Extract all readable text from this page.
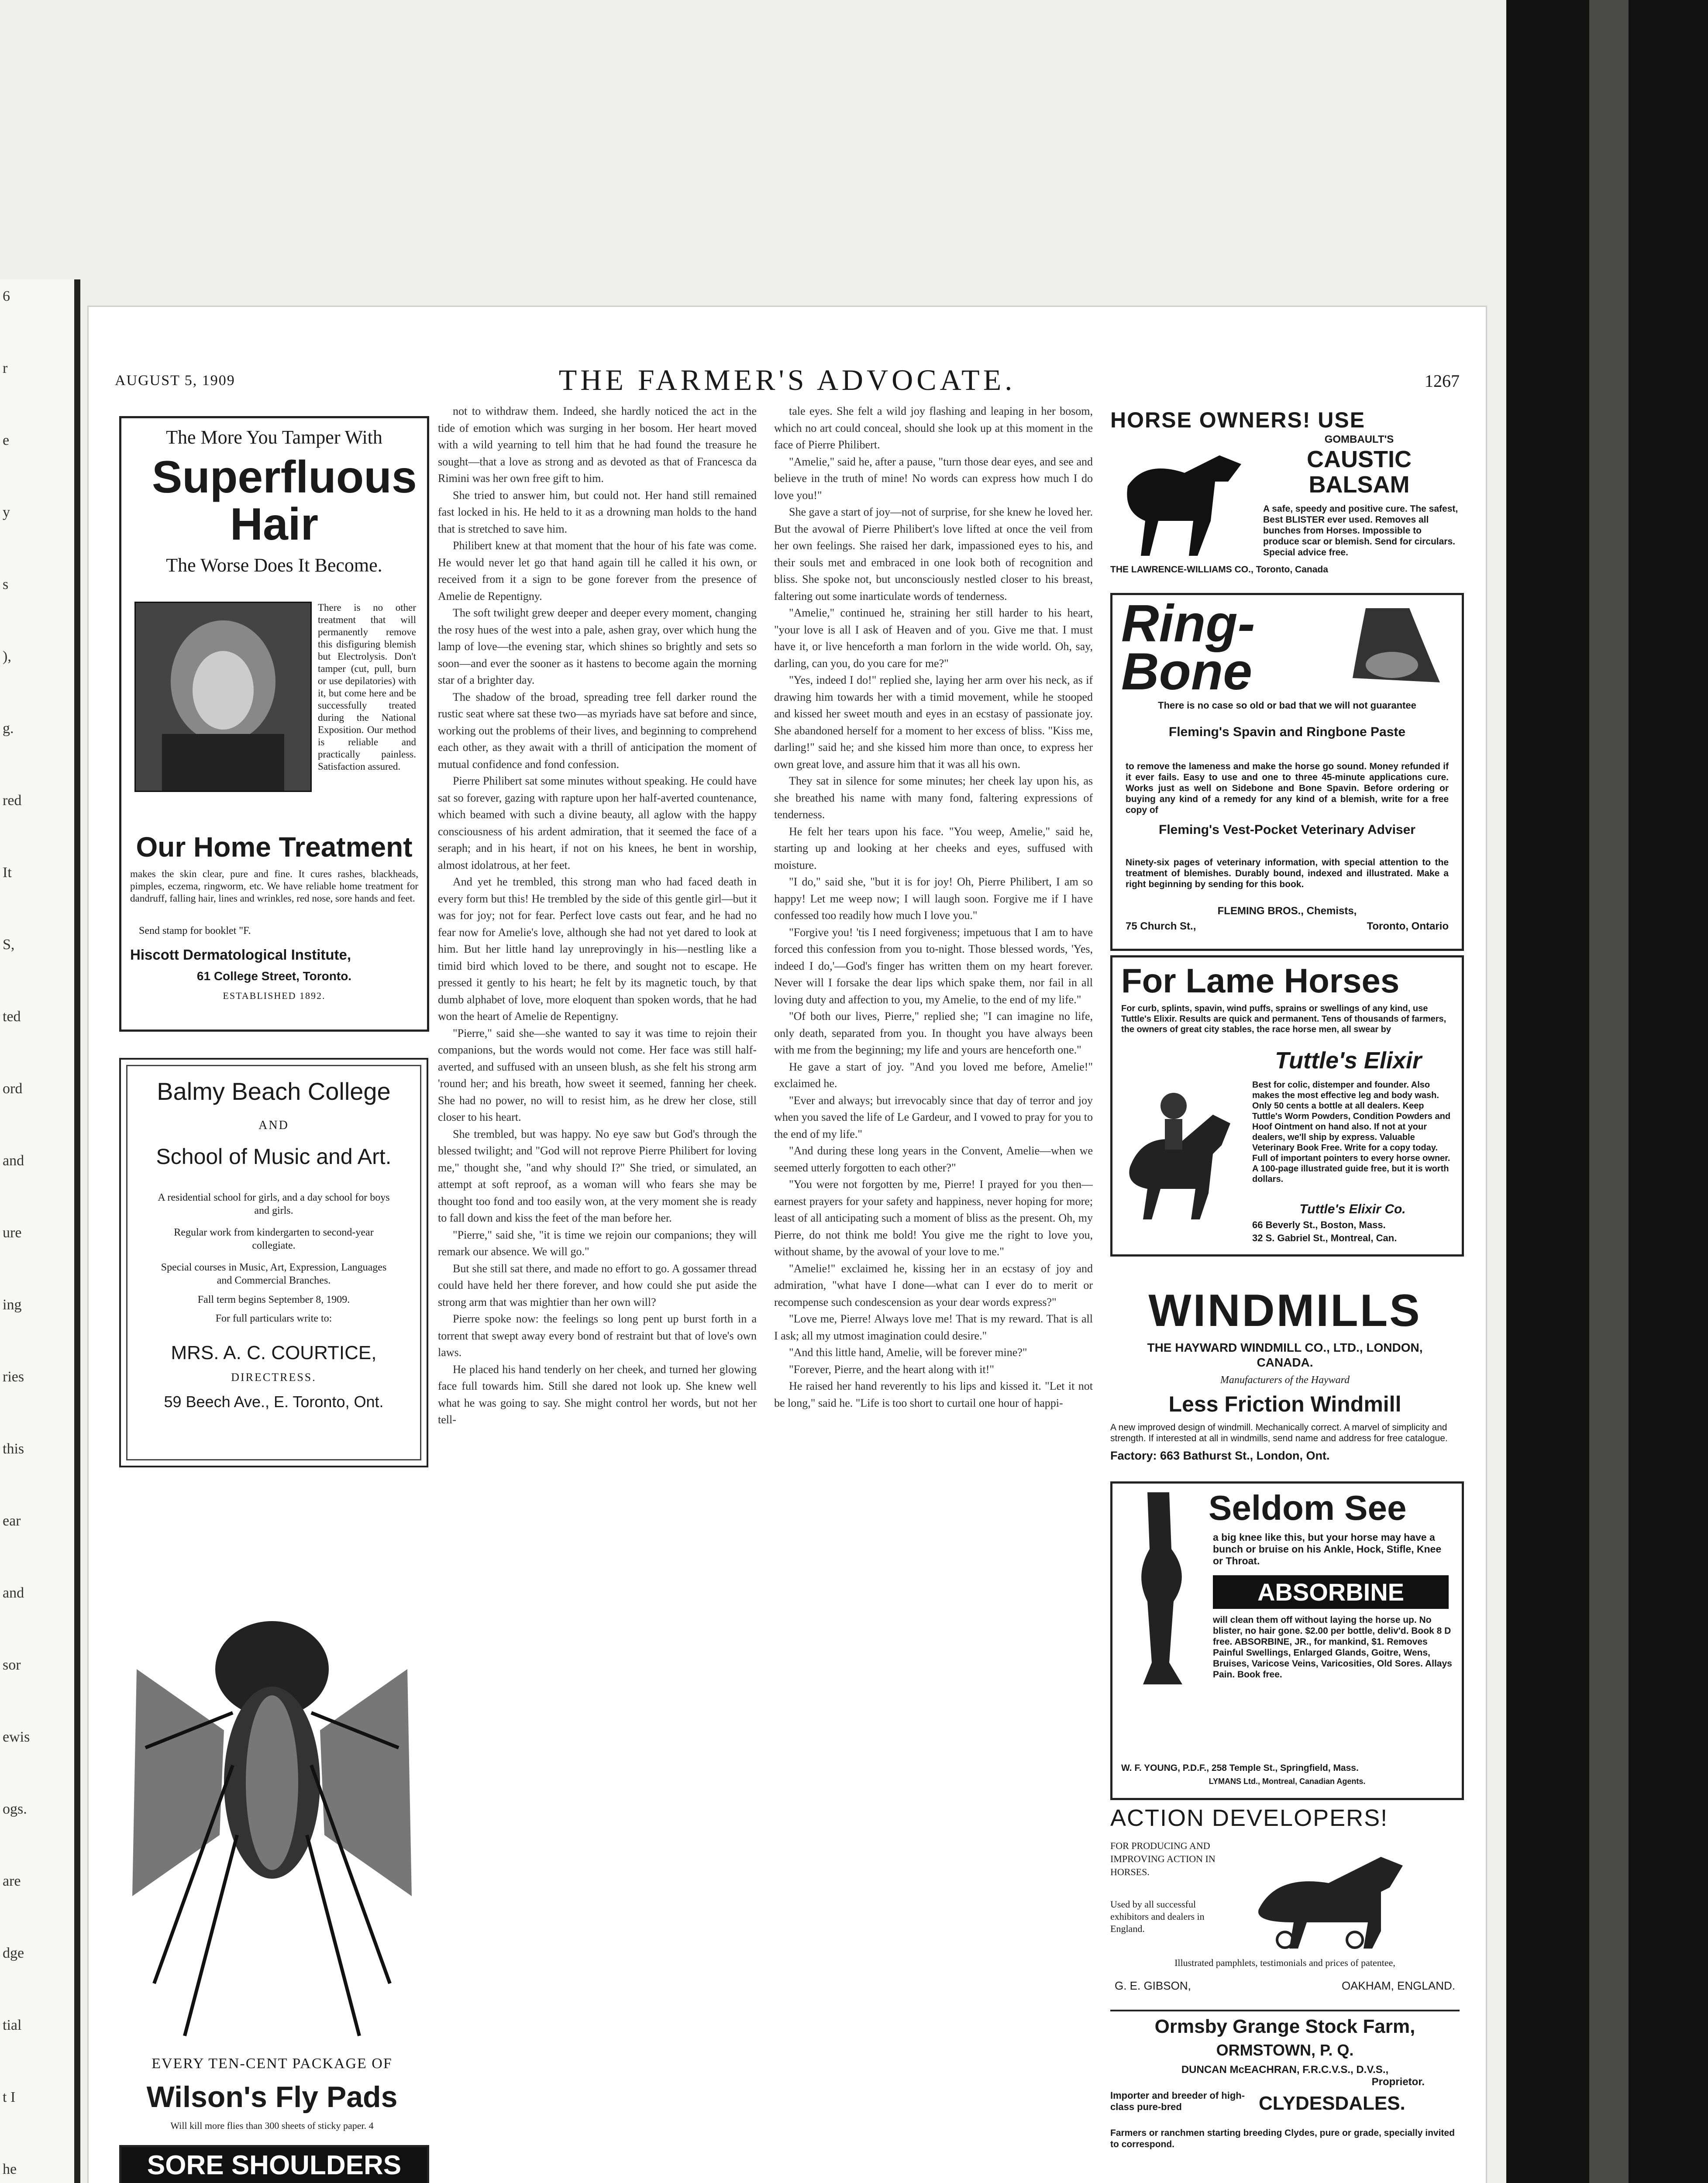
6
r
e
y
s
),
g.
red
It
S,
ted
ord
and
ure
ing
ries
this
ear
and
sor
ewis
ogs.
are
dge
tial
t I
he
AUGUST 5, 1909	THE FARMER'S ADVOCATE.	1267
The More You Tamper With
Superfluous Hair
The Worse Does It Become.
There is no other treatment that will permanently remove this disfiguring blemish but Electrolysis. Don't tamper (cut, pull, burn or use depilatories) with it, but come here and be successfully treated during the National Exposition. Our method is reliable and practically painless. Satisfaction assured.
Our Home Treatment
makes the skin clear, pure and fine. It cures rashes, blackheads, pimples, eczema, ringworm, etc. We have reliable home treatment for dandruff, falling hair, lines and wrinkles, red nose, sore hands and feet.
Send stamp for booklet "F.
Hiscott Dermatological Institute,
61 College Street, Toronto.
ESTABLISHED 1892.
Balmy Beach College
AND
School of Music and Art.
A residential school for girls, and a day school for boys and girls.
Regular work from kindergarten to second-year collegiate.
Special courses in Music, Art, Expression, Languages and Commercial Branches.
Fall term begins September 8, 1909.
For full particulars write to:
MRS. A. C. COURTICE,
DIRECTRESS.
59 Beech Ave., E. Toronto, Ont.
EVERY TEN-CENT PACKAGE OF
Wilson's Fly Pads
Will kill more flies than 300 sheets of sticky paper. 4
SORE SHOULDERS

not to withdraw them. Indeed, she hardly noticed the act in the tide of emotion which was surging in her bosom. Her heart moved with a wild yearning to tell him that he had found the treasure he sought—that a love as strong and as devoted as that of Francesca da Rimini was her own free gift to him.

She tried to answer him, but could not. Her hand still remained fast locked in his. He held to it as a drowning man holds to the hand that is stretched to save him.

Philibert knew at that moment that the hour of his fate was come. He would never let go that hand again till he called it his own, or received from it a sign to be gone forever from the presence of Amelie de Repentigny.

The soft twilight grew deeper and deeper every moment, changing the rosy hues of the west into a pale, ashen gray, over which hung the lamp of love—the evening star, which shines so brightly and sets so soon—and ever the sooner as it hastens to become again the morning star of a brighter day.

The shadow of the broad, spreading tree fell darker round the rustic seat where sat these two—as myriads have sat before and since, working out the problems of their lives, and beginning to comprehend each other, as they await with a thrill of anticipation the moment of mutual confidence and fond confession.

Pierre Philibert sat some minutes without speaking. He could have sat so forever, gazing with rapture upon her half-averted countenance, which beamed with such a divine beauty, all aglow with the happy consciousness of his ardent admiration, that it seemed the face of a seraph; and in his heart, if not on his knees, he bent in worship, almost idolatrous, at her feet.

And yet he trembled, this strong man who had faced death in every form but this! He trembled by the side of this gentle girl—but it was for joy; not for fear. Perfect love casts out fear, and he had no fear now for Amelie's love, although she had not yet dared to look at him. But her little hand lay unreprovingly in his—nestling like a timid bird which loved to be there, and sought not to escape. He pressed it gently to his heart; he felt by its magnetic touch, by that dumb alphabet of love, more eloquent than spoken words, that he had won the heart of Amelie de Repentigny.

"Pierre," said she—she wanted to say it was time to rejoin their companions, but the words would not come. Her face was still half-averted, and suffused with an unseen blush, as she felt his strong arm 'round her; and his breath, how sweet it seemed, fanning her cheek. She had no power, no will to resist him, as he drew her close, still closer to his heart.

She trembled, but was happy. No eye saw but God's through the blessed twilight; and "God will not reprove Pierre Philibert for loving me," thought she, "and why should I?" She tried, or simulated, an attempt at soft reproof, as a woman will who fears she may be thought too fond and too easily won, at the very moment she is ready to fall down and kiss the feet of the man before her.

"Pierre," said she, "it is time we rejoin our companions; they will remark our absence. We will go."

But she still sat there, and made no effort to go. A gossamer thread could have held her there forever, and how could she put aside the strong arm that was mightier than her own will?

Pierre spoke now: the feelings so long pent up burst forth in a torrent that swept away every bond of restraint but that of love's own laws.

He placed his hand tenderly on her cheek, and turned her glowing face full towards him. Still she dared not look up. She knew well what he was going to say. She might control her words, but not her tell-

tale eyes. She felt a wild joy flashing and leaping in her bosom, which no art could conceal, should she look up at this moment in the face of Pierre Philibert.

"Amelie," said he, after a pause, "turn those dear eyes, and see and believe in the truth of mine! No words can express how much I do love you!"

She gave a start of joy—not of surprise, for she knew he loved her. But the avowal of Pierre Philibert's love lifted at once the veil from her own feelings. She raised her dark, impassioned eyes to his, and their souls met and embraced in one look both of recognition and bliss. She spoke not, but unconsciously nestled closer to his breast, faltering out some inarticulate words of tenderness.

"Amelie," continued he, straining her still harder to his heart, "your love is all I ask of Heaven and of you. Give me that. I must have it, or live henceforth a man forlorn in the wide world. Oh, say, darling, can you, do you care for me?"

"Yes, indeed I do!" replied she, laying her arm over his neck, as if drawing him towards her with a timid movement, while he stooped and kissed her sweet mouth and eyes in an ecstasy of passionate joy. She abandoned herself for a moment to her excess of bliss. "Kiss me, darling!" said he; and she kissed him more than once, to express her own great love, and assure him that it was all his own.

They sat in silence for some minutes; her cheek lay upon his, as she breathed his name with many fond, faltering expressions of tenderness.

He felt her tears upon his face. "You weep, Amelie," said he, starting up and looking at her cheeks and eyes, suffused with moisture.

"I do," said she, "but it is for joy! Oh, Pierre Philibert, I am so happy! Let me weep now; I will laugh soon. Forgive me if I have confessed too readily how much I love you."

"Forgive you! 'tis I need forgiveness; impetuous that I am to have forced this confession from you to-night. Those blessed words, 'Yes, indeed I do,'—God's finger has written them on my heart forever. Never will I forsake the dear lips which spake them, nor fail in all loving duty and affection to you, my Amelie, to the end of my life."

"Of both our lives, Pierre," replied she; "I can imagine no life, only death, separated from you. In thought you have always been with me from the beginning; my life and yours are henceforth one."

He gave a start of joy. "And you loved me before, Amelie!" exclaimed he.

"Ever and always; but irrevocably since that day of terror and joy when you saved the life of Le Gardeur, and I vowed to pray for you to the end of my life."

"And during these long years in the Convent, Amelie—when we seemed utterly forgotten to each other?"

"You were not forgotten by me, Pierre! I prayed for you then—earnest prayers for your safety and happiness, never hoping for more; least of all anticipating such a moment of bliss as the present. Oh, my Pierre, do not think me bold! You give me the right to love you, without shame, by the avowal of your love to me."

"Amelie!" exclaimed he, kissing her in an ecstasy of joy and admiration, "what have I done—what can I ever do to merit or recompense such condescension as your dear words express?"

"Love me, Pierre! Always love me! That is my reward. That is all I ask; all my utmost imagination could desire."

"And this little hand, Amelie, will be forever mine?"

"Forever, Pierre, and the heart along with it!"

He raised her hand reverently to his lips and kissed it. "Let it not be long," said he. "Life is too short to curtail one hour of happi-

HORSE OWNERS! USE
GOMBAULT'S
CAUSTIC BALSAM
A safe, speedy and positive cure. The safest, Best BLISTER ever used. Removes all bunches from Horses. Impossible to produce scar or blemish. Send for circulars. Special advice free.
THE LAWRENCE-WILLIAMS CO., Toronto, Canada
Ring-Bone
There is no case so old or bad that we will not guarantee
Fleming's Spavin and Ringbone Paste
to remove the lameness and make the horse go sound. Money refunded if it ever fails. Easy to use and one to three 45-minute applications cure. Works just as well on Sidebone and Bone Spavin. Before ordering or buying any kind of a remedy for any kind of a blemish, write for a free copy of
Fleming's Vest-Pocket Veterinary Adviser
Ninety-six pages of veterinary information, with special attention to the treatment of blemishes. Durably bound, indexed and illustrated. Make a right beginning by sending for this book.
FLEMING BROS., Chemists,
75 Church St.,	Toronto, Ontario
For Lame Horses
For curb, splints, spavin, wind puffs, sprains or swellings of any kind, use Tuttle's Elixir. Results are quick and permanent. Tens of thousands of farmers, the owners of great city stables, the race horse men, all swear by
Tuttle's Elixir
Best for colic, distemper and founder. Also makes the most effective leg and body wash. Only 50 cents a bottle at all dealers. Keep Tuttle's Worm Powders, Condition Powders and Hoof Ointment on hand also. If not at your dealers, we'll ship by express. Valuable Veterinary Book Free. Write for a copy today. Full of important pointers to every horse owner. A 100-page illustrated guide free, but it is worth dollars.
Tuttle's Elixir Co.
66 Beverly St., Boston, Mass.
32 S. Gabriel St., Montreal, Can.
WINDMILLS
THE HAYWARD WINDMILL CO., LTD., LONDON, CANADA.
Manufacturers of the Hayward
Less Friction Windmill
A new improved design of windmill. Mechanically correct. A marvel of simplicity and strength. If interested at all in windmills, send name and address for free catalogue.
Factory: 663 Bathurst St., London, Ont.
Seldom See
a big knee like this, but your horse may have a bunch or bruise on his Ankle, Hock, Stifle, Knee or Throat.
ABSORBINE
will clean them off without laying the horse up. No blister, no hair gone. $2.00 per bottle, deliv'd. Book 8 D free. ABSORBINE, JR., for mankind, $1. Removes Painful Swellings, Enlarged Glands, Goitre, Wens, Bruises, Varicose Veins, Varicosities, Old Sores. Allays Pain. Book free.
W. F. YOUNG, P.D.F., 258 Temple St., Springfield, Mass.
LYMANS Ltd., Montreal, Canadian Agents.
ACTION DEVELOPERS!
FOR PRODUCING AND IMPROVING ACTION IN HORSES.
Used by all successful exhibitors and dealers in England.
Illustrated pamphlets, testimonials and prices of patentee,
G. E. GIBSON,	OAKHAM, ENGLAND.
Ormsby Grange Stock Farm,
ORMSTOWN, P. Q.
DUNCAN McEACHRAN, F.R.C.V.S., D.V.S.,
Proprietor.
Importer and breeder of high-class pure-bred	CLYDESDALES.
Farmers or ranchmen starting breeding Clydes, pure or grade, specially invited to correspond.
